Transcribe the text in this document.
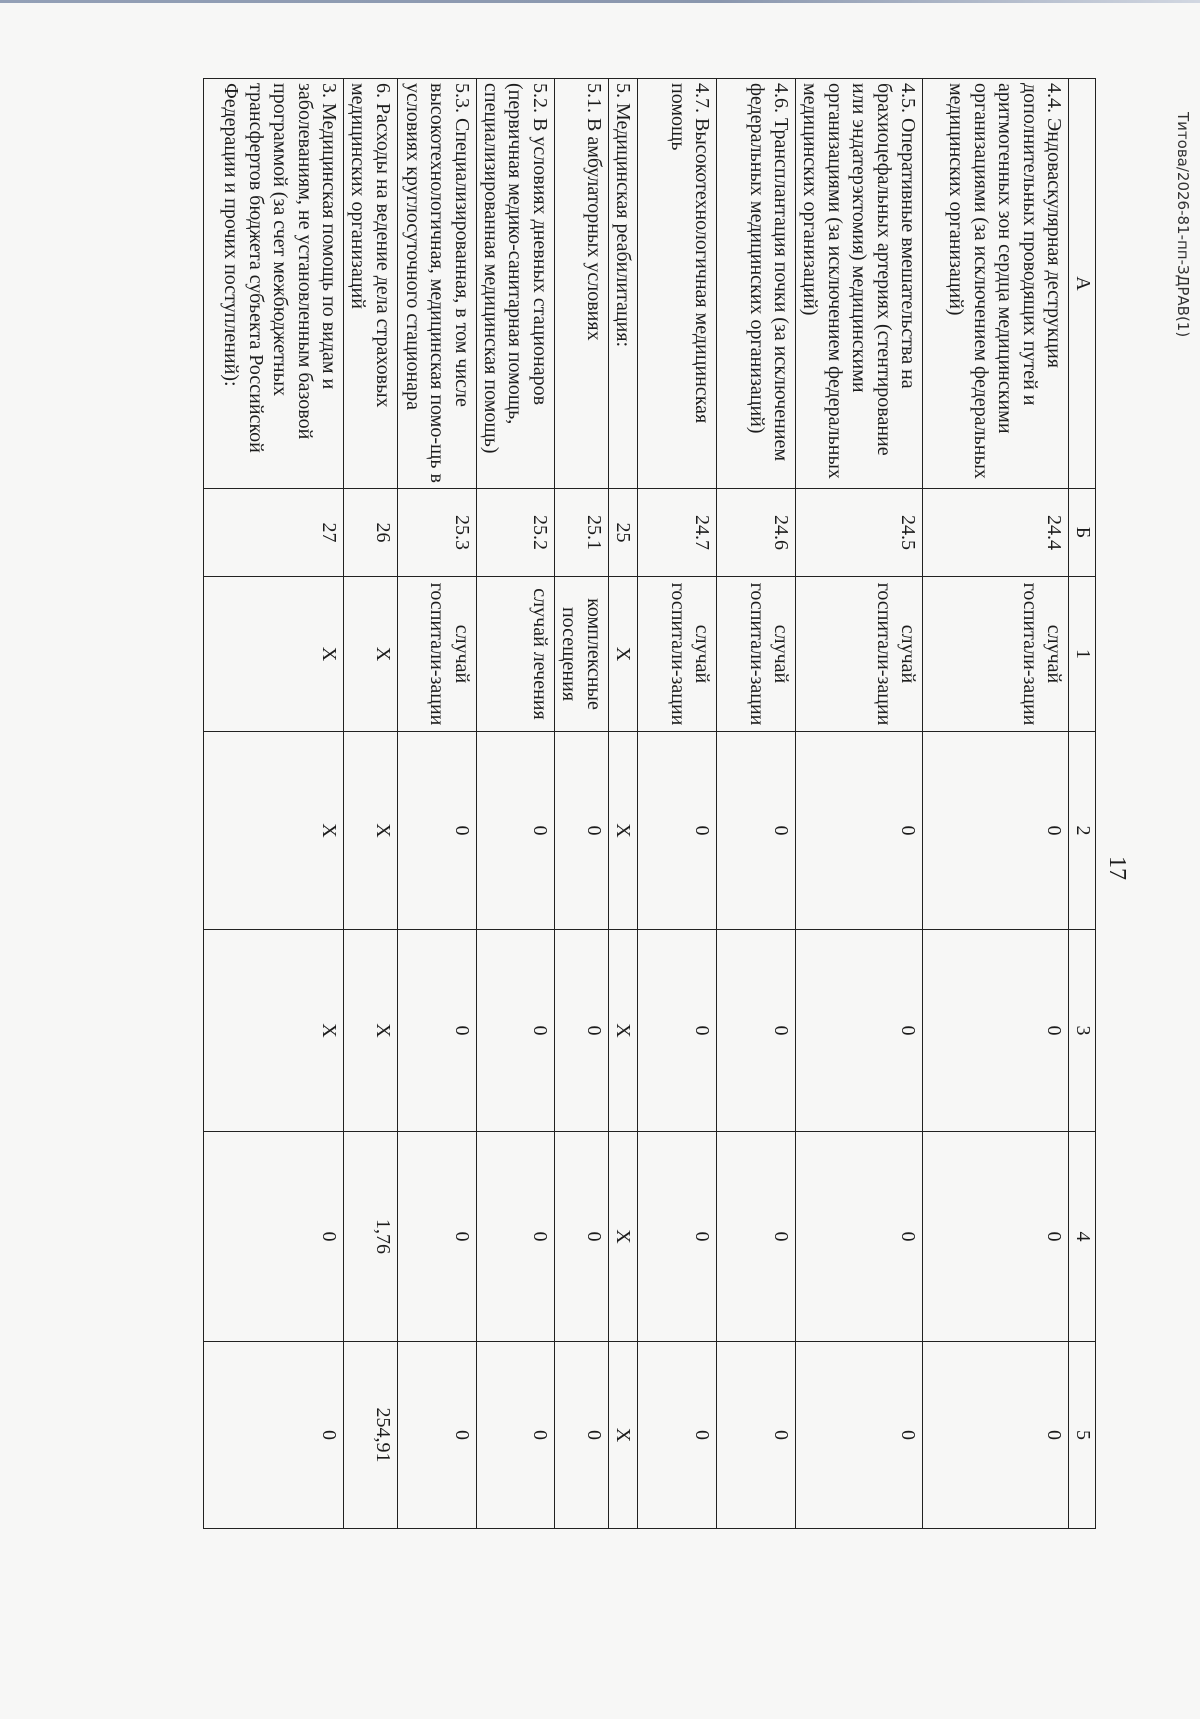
Титова/2026-81-пп-ЗДРАВ(1)
17
А	Б	1	2	3	4	5
4.4. Эндоваскулярная деструкция дополнительных проводящих путей и аритмогенных зон сердца медицинскими организациями (за исключением федеральных медицинских организаций)	24.4	случай госпитали-зации	0	0	0	0
4.5. Оперативные вмешательства на брахиоцефальных артериях (стентирование или эндатерэктомия) медицинскими организациями (за исключением федеральных медицинских организаций)	24.5	случай госпитали-зации	0	0	0	0
4.6. Трансплантация почки (за исключением федеральных медицинских организаций)	24.6	случай госпитали-зации	0	0	0	0
4.7. Высокотехнологичная медицинская помощь	24.7	случай госпитали-зации	0	0	0	0
5. Медицинская реабилитация:	25	X	X	X	X	X
5.1. В амбулаторных условиях	25.1	комплексные посещения	0	0	0	0
5.2. В условиях дневных стационаров (первичная медико-санитарная помощь, специализированная медицинская помощь)	25.2	случай лечения	0	0	0	0
5.3. Специализированная, в том числе высокотехнологичная, медицинская помо-щь в условиях круглосуточного стационара	25.3	случай госпитали-зации	0	0	0	0
6. Расходы на ведение дела страховых медицинских организаций	26	X	X	X	1,76	254,91
3. Медицинская помощь по видам и заболеваниям, не установленным базовой программой (за счет межбюджетных трансфертов бюджета субъекта Российской Федерации и прочих поступлений):	27	X	X	X	0	0
